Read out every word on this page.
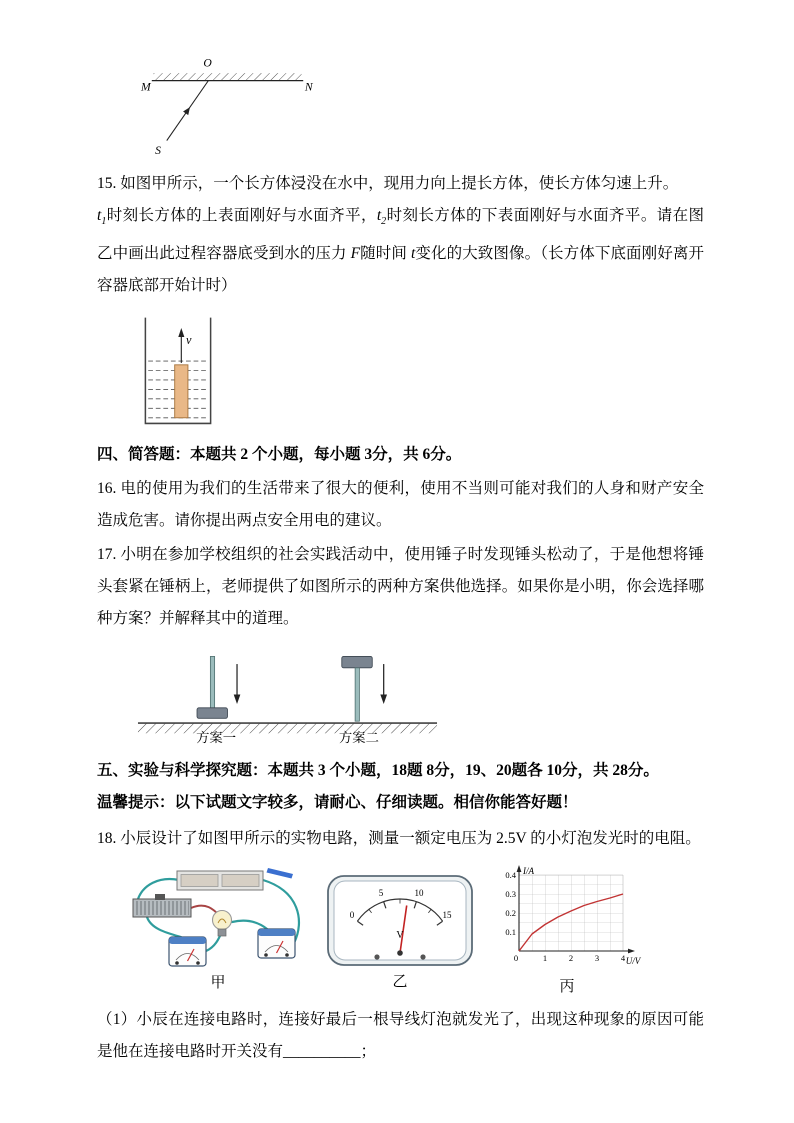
O
M	N
S

15. 如图甲所示，一个长方体浸没在水中，现用力向上提长方体，使长方体匀速上升。

$t_1$时刻长方体的上表面刚好与水面齐平，$t_2$时刻长方体的下表面刚好与水面齐平。请在图乙中画出此过程容器底受到水的压力 F随时间 t变化的大致图像。（长方体下底面刚好离开容器底部开始计时）

v

四、简答题：本题共 2 个小题，每小题 3分，共 6分。

16. 电的使用为我们的生活带来了很大的便利，使用不当则可能对我们的人身和财产安全造成危害。请你提出两点安全用电的建议。

17. 小明在参加学校组织的社会实践活动中，使用锤子时发现锤头松动了，于是他想将锤头套紧在锤柄上，老师提供了如图所示的两种方案供他选择。如果你是小明，你会选择哪种方案？并解释其中的道理。

方案一	方案二

五、实验与科学探究题：本题共 3 个小题，18题 8分，19、20题各 10分，共 28分。

温馨提示：以下试题文字较多，请耐心、仔细读题。相信你能答好题！

18. 小辰设计了如图甲所示的实物电路，测量一额定电压为 2.5V 的小灯泡发光时的电阻。

甲
0
5	10
15
V
乙
I/A
U/V
0.1
0.2
0.3
0.4
0	1	2	3	4
丙

（1）小辰在连接电路时，连接好最后一根导线灯泡就发光了，出现这种现象的原因可能是他在连接电路时开关没有__________；
